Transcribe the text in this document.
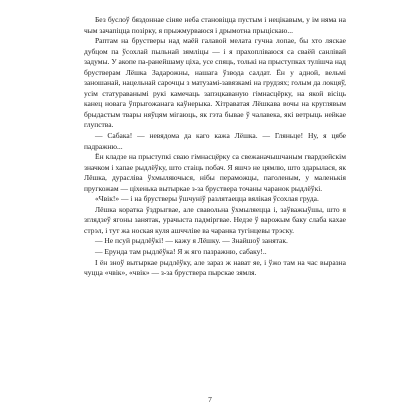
Без буслоў бяздоннае сіняе неба становіцца пустым і нецікавым, у ім няма на чым зачапіцца позірку, я прыжмурваюся і дрымотна прыціскаю...

Раптам на брустверы над маёй галавой мелата гучна лопае, бы хто ляскае дубцом па ўсохлай пыльнай зямліцы — і я прахопліваюся са сваёй санлівай задумы. У акопе па-ранейшаму ціха, усе спяць, толькі на прыступках тулішча над брустверам Лёшка Задарожны, нашага ўзвода салдат. Ён у адной, вельмі заношанай, нацельнай сарочцы з матузамі-завязкамі на грудзях; голым да локцяў, усім статураванымі рукі камечаць запэцкаваную гімнасцёрку, на якой вісіць канец новага ўпрыгожанага каўнерыка. Хітраватая Лёшкава вочы на круглявым брыдастым твары няўцям мігаюць, як гэта бывае ў чалавека, які ветрыць нейкае глупства.

— Сабака! — невядома да каго кажа Лёшка. — Гляньце! Ну, я цябе падражню...

Ён кладзе на прыступкі сваю гімнасцёрку са свежаначышчаным гвардзейскім значком і хапае рыдлёўку, што стаіць побач. Я яшчэ не цямлю, што здарылася, як Лёшка, дурасліва ўхмыляючыся, нібы пераможцы, паголеным, у маленькія пругкожам — ціхенька вытыркае з-за бруствера точаны чаранок рыдлёўкі.

«Чвік!» — і на брустверы ўшчуніў разлятаецца вялікая ўсохлая груда.

Лёшка коратка ўздрыгвае, але свавольна ўхмыляецца і, заўважыўшы, што я зглядзеў ягоны занятак, урачыста падміргвае. Недзе ў варожым баку слаба кахае стрэл, і тут жа ноская куля ашччліве ва чаранка тугінцевы трэску.

— Не псуй рыдлёўкі! — кажу я Лёшку. — Знайшоў занятак.

— Ерунда там рыдлёўка! Я ж яго пазражню, сабаку!..

І ён зноў вытыркае рыдлёўку, але зараз ж нават яе, і ўжо там на час выразна чуцца «чвік», «чвік» — з-за бруствера пырскае зямля.

7
